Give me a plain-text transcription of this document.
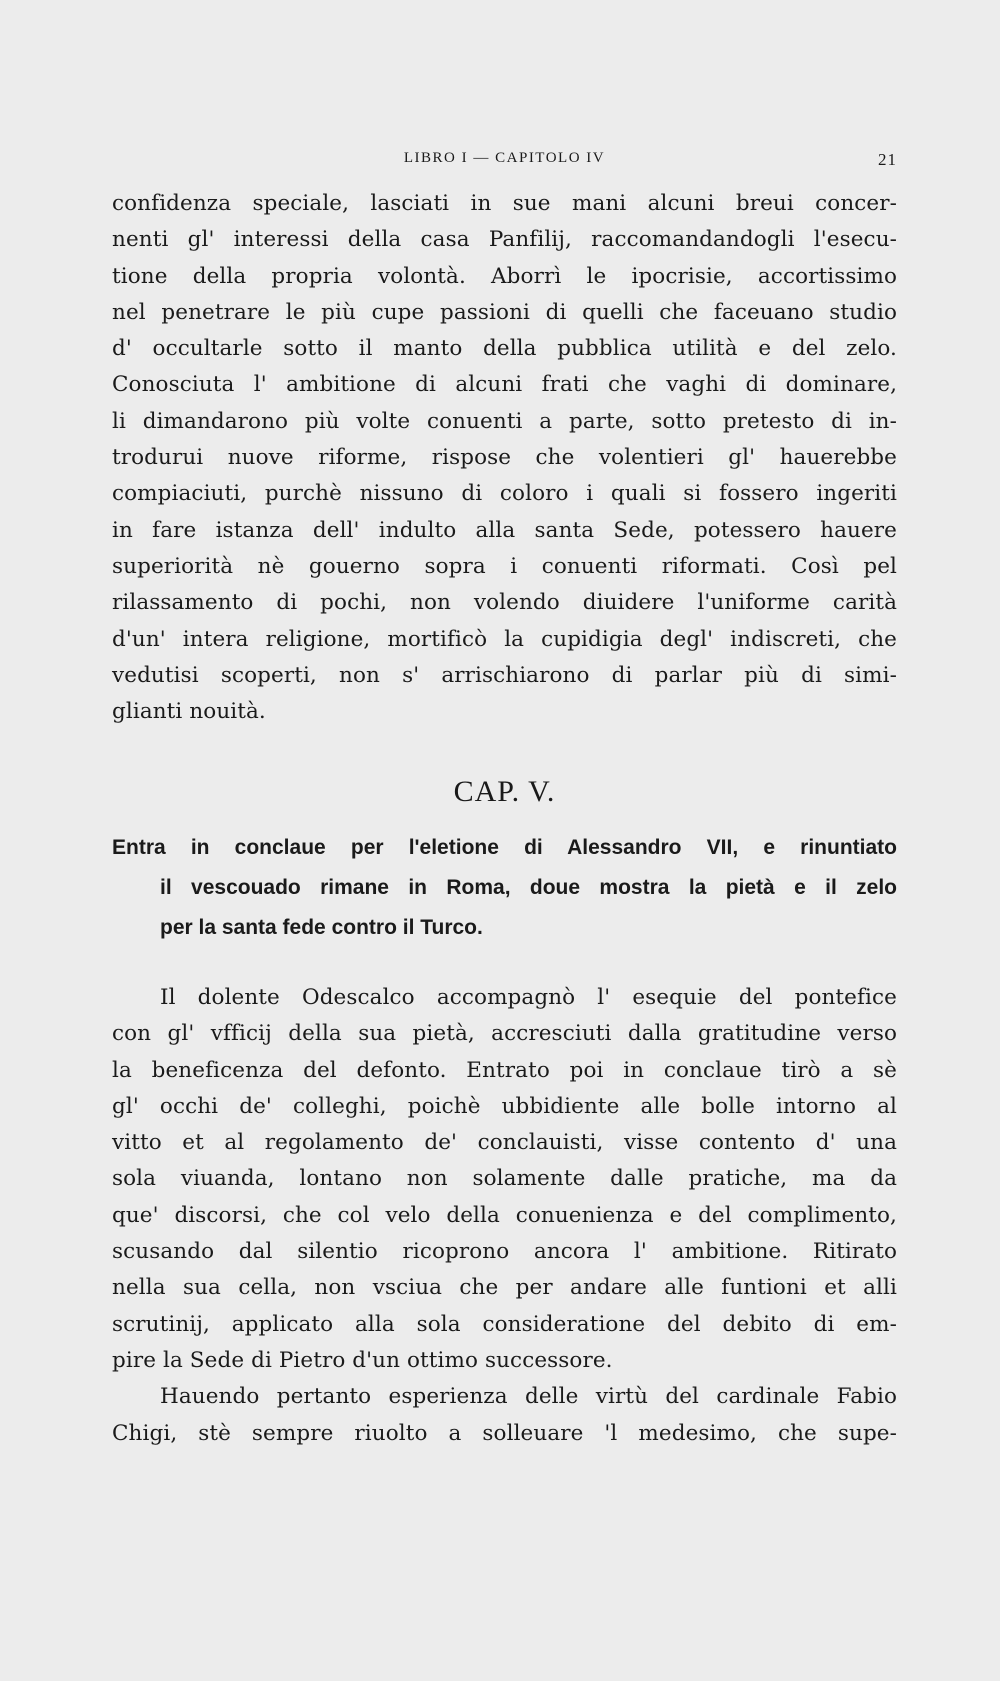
LIBRO I — CAPITOLO IV	21
confidenza speciale, lasciati in sue mani alcuni breui concer-
nenti gl' interessi della casa Panfilij, raccomandandogli l'esecu-
tione della propria volontà. Aborrì le ipocrisie, accortissimo
nel penetrare le più cupe passioni di quelli che faceuano studio
d' occultarle sotto il manto della pubblica utilità e del zelo.
Conosciuta l' ambitione di alcuni frati che vaghi di dominare,
li dimandarono più volte conuenti a parte, sotto pretesto di in-
trodurui nuove riforme, rispose che volentieri gl' hauerebbe
compiaciuti, purchè nissuno di coloro i quali si fossero ingeriti
in fare istanza dell' indulto alla santa Sede, potessero hauere
superiorità nè gouerno sopra i conuenti riformati. Così pel
rilassamento di pochi, non volendo diuidere l'uniforme carità
d'un' intera religione, mortificò la cupidigia degl' indiscreti, che
vedutisi scoperti, non s' arrischiarono di parlar più di simi-
glianti nouità.
CAP. V.
Entra in conclaue per l'eletione di Alessandro VII, e rinuntiato
il vescouado rimane in Roma, doue mostra la pietà e il zelo
per la santa fede contro il Turco.
Il dolente Odescalco accompagnò l' esequie del pontefice
con gl' vfficij della sua pietà, accresciuti dalla gratitudine verso
la beneficenza del defonto. Entrato poi in conclaue tirò a sè
gl' occhi de' colleghi, poichè ubbidiente alle bolle intorno al
vitto et al regolamento de' conclauisti, visse contento d' una
sola viuanda, lontano non solamente dalle pratiche, ma da
que' discorsi, che col velo della conuenienza e del complimento,
scusando dal silentio ricoprono ancora l' ambitione. Ritirato
nella sua cella, non vsciua che per andare alle funtioni et alli
scrutinij, applicato alla sola consideratione del debito di em-
pire la Sede di Pietro d'un ottimo successore.
Hauendo pertanto esperienza delle virtù del cardinale Fabio
Chigi, stè sempre riuolto a solleuare 'l medesimo, che supe-
